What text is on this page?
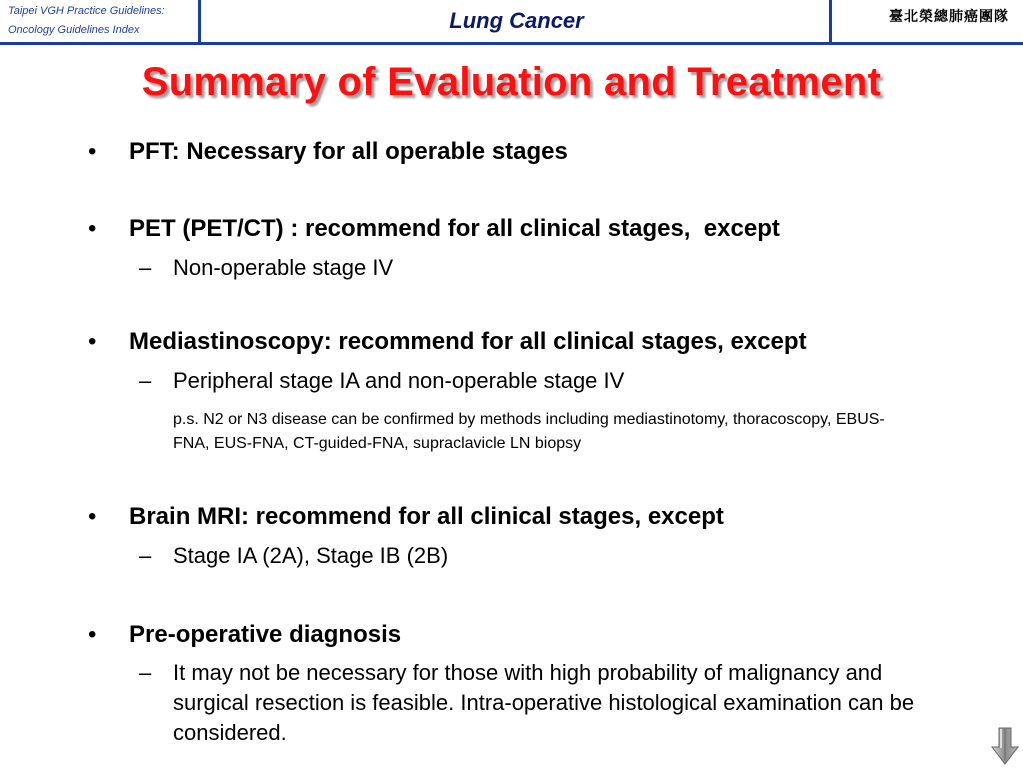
Taipei VGH Practice Guidelines:
Oncology Guidelines Index	Lung Cancer	臺北榮總肺癌團隊
Summary of Evaluation and Treatment
• PFT: Necessary for all operable stages
• PET (PET/CT) : recommend for all clinical stages,  except
– Non-operable stage IV
• Mediastinoscopy: recommend for all clinical stages, except
– Peripheral stage IA and non-operable stage IV
p.s. N2 or N3 disease can be confirmed by methods including mediastinotomy, thoracoscopy, EBUS-FNA, EUS-FNA, CT-guided-FNA, supraclavicle LN biopsy
• Brain MRI: recommend for all clinical stages, except
– Stage IA (2A), Stage IB (2B)
• Pre-operative diagnosis
– It may not be necessary for those with high probability of malignancy and surgical resection is feasible. Intra-operative histological examination can be considered.
